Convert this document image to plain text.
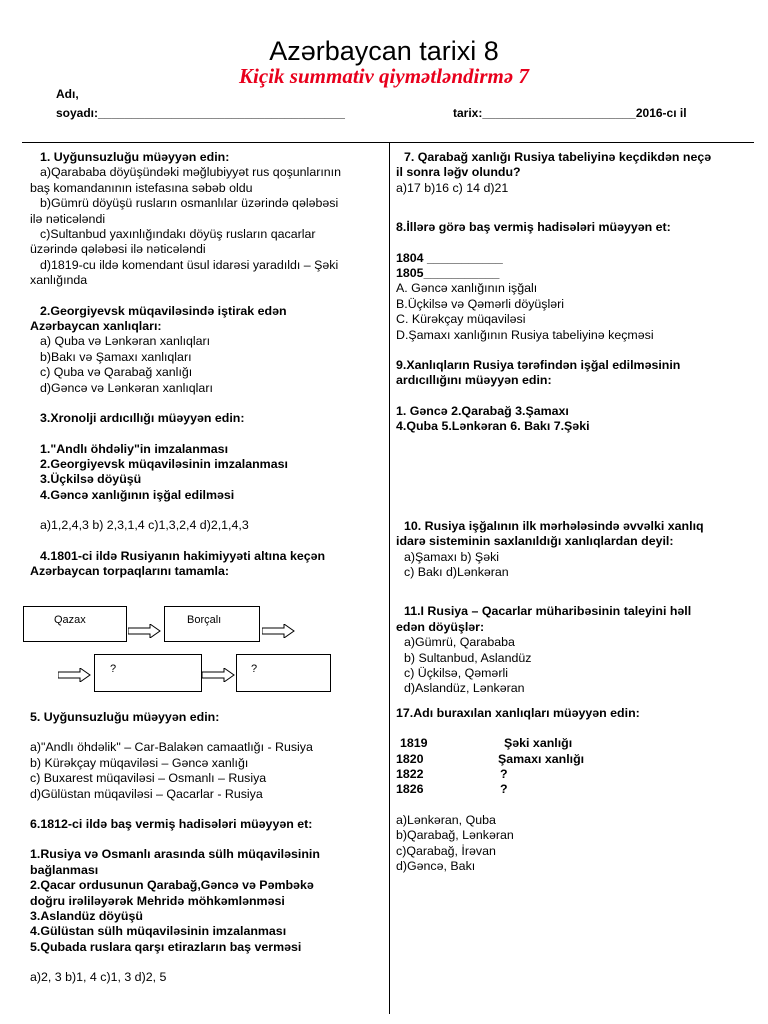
Azərbaycan tarixi 8
Kiçik summativ qiymətləndirmə 7
Adı,
soyadı:_____________________________________	tarix:_______________________2016-cı il
1. Uyğunsuzluğu müəyyən edin:
a)Qarababa döyüşündəki məğlubiyyət rus qoşunlarının
baş komandanının istefasına səbəb oldu
b)Gümrü döyüşü rusların osmanlılar üzərində qələbəsi
ilə nəticələndi
c)Sultanbud yaxınlığındakı döyüş rusların qacarlar
üzərində qələbəsi ilə nəticələndi
d)1819-cu ildə komendant üsul idarəsi yaradıldı – Şəki
xanlığında
2.Georgiyevsk müqaviləsində iştirak edən
Azərbaycan xanlıqları:
a) Quba və Lənkəran xanlıqları
b)Bakı və Şamaxı xanlıqları
c) Quba və Qarabağ xanlığı
d)Gəncə və Lənkəran xanlıqları
3.Xronolji ardıcıllığı müəyyən edin:
1."Andlı öhdəliy"in imzalanması
2.Georgiyevsk müqaviləsinin imzalanması
3.Üçkilsə döyüşü
4.Gəncə xanlığının işğal edilməsi
a)1,2,4,3 b) 2,3,1,4 c)1,3,2,4 d)2,1,4,3
4.1801-ci ildə Rusiyanın hakimiyyəti altına keçən
Azərbaycan torpaqlarını tamamla:
Qazax	Borçalı
?	?
5. Uyğunsuzluğu müəyyən edin:
a)"Andlı öhdəlik" – Car-Balakən camaatlığı - Rusiya
b) Kürəkçay müqaviləsi – Gəncə xanlığı
c) Buxarest müqaviləsi – Osmanlı – Rusiya
d)Gülüstan müqaviləsi – Qacarlar - Rusiya
6.1812-ci ildə baş vermiş hadisələri müəyyən et:
1.Rusiya və Osmanlı arasında sülh müqaviləsinin
bağlanması
2.Qacar ordusunun Qarabağ,Gəncə və Pəmbəkə
doğru irəliləyərək Mehridə möhkəmlənməsi
3.Aslandüz döyüşü
4.Gülüstan sülh müqaviləsinin imzalanması
5.Qubada ruslara qarşı etirazların baş verməsi
a)2, 3 b)1, 4 c)1, 3 d)2, 5
7. Qarabağ xanlığı Rusiya tabeliyinə keçdikdən neçə
il sonra ləğv olundu?
a)17 b)16 c) 14 d)21
8.İllərə görə baş vermiş hadisələri müəyyən et:
1804 ___________
1805___________
A. Gəncə xanlığının işğalı
B.Üçkilsə və Qəmərli döyüşləri
C. Kürəkçay müqaviləsi
D.Şamaxı xanlığının Rusiya tabeliyinə keçməsi
9.Xanlıqların Rusiya tərəfindən işğal edilməsinin
ardıcıllığını müəyyən edin:
1. Gəncə 2.Qarabağ 3.Şamaxı
4.Quba 5.Lənkəran 6. Bakı 7.Şəki
10. Rusiya işğalının ilk mərhələsində əvvəlki xanlıq
idarə sisteminin saxlanıldığı xanlıqlardan deyil:
a)Şamaxı b) Şəki
c) Bakı d)Lənkəran
11.I Rusiya – Qacarlar müharibəsinin taleyini həll
edən döyüşlər:
a)Gümrü, Qarababa
b) Sultanbud, Aslandüz
c) Üçkilsə, Qəmərli
d)Aslandüz, Lənkəran
17.Adı buraxılan xanlıqları müəyyən edin:
1819	Şəki xanlığı
1820	Şamaxı xanlığı
1822	?
1826	?
a)Lənkəran, Quba
b)Qarabağ, Lənkəran
c)Qarabağ, İrəvan
d)Gəncə, Bakı
